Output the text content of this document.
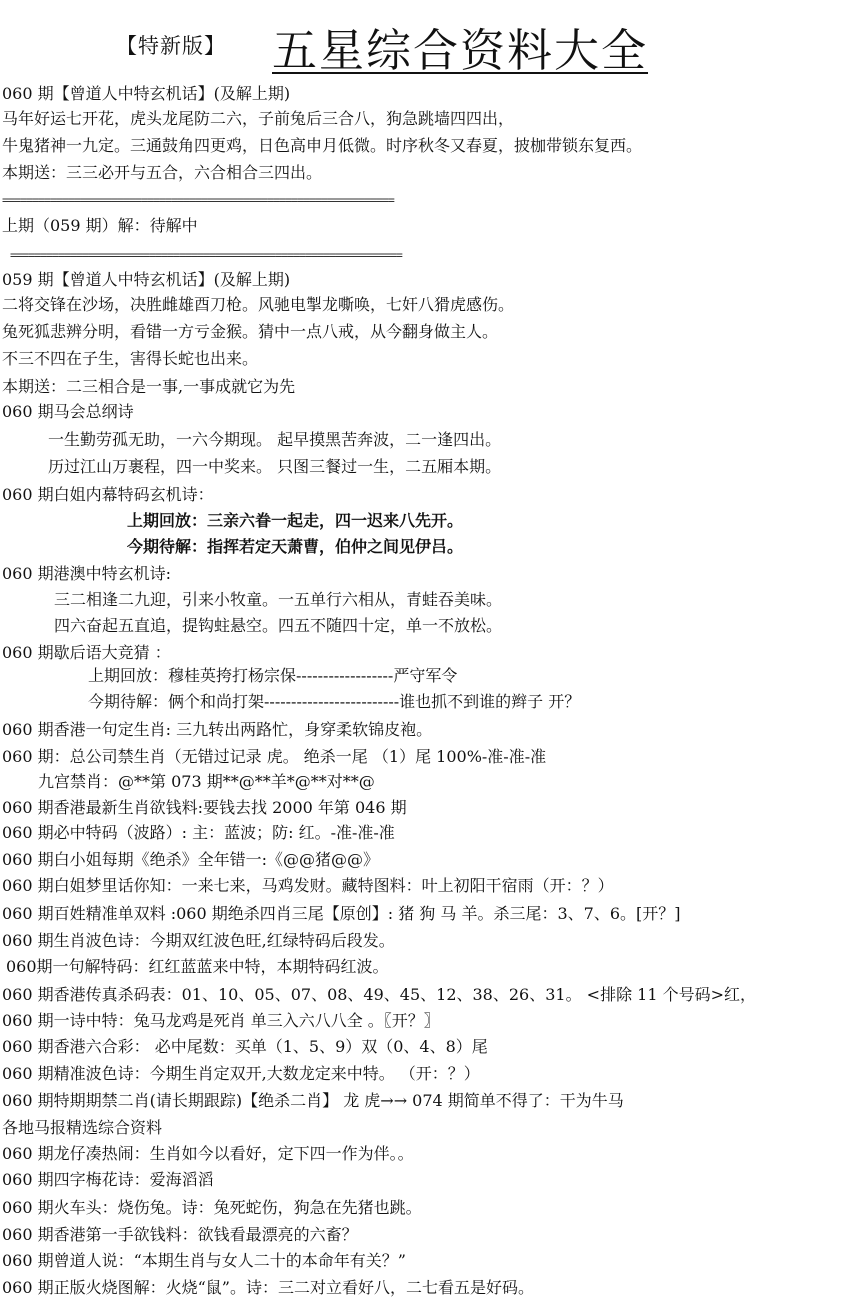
【特新版】 五星综合资料大全
060 期【曾道人中特玄机话】(及解上期)
马年好运七开花，虎头龙尾防二六，子前兔后三合八，狗急跳墙四四出，
牛鬼猪神一九定。三通鼓角四更鸡，日色高申月低微。时序秋冬又春夏，披枷带锁东复西。
本期送：三三必开与五合，六合相合三四出。
=================================================================
上期（059 期）解：待解中
=================================================================
059 期【曾道人中特玄机话】(及解上期)
二将交锋在沙场，决胜雌雄酉刀枪。风驰电掣龙嘶唤，七奸八猾虎感伤。
兔死狐悲辨分明，看错一方亏金猴。猜中一点八戒，从今翻身做主人。
不三不四在子生，害得长蛇也出来。
本期送：二三相合是一事,一事成就它为先
060 期马会总纲诗
一生勤劳孤无助，一六今期现。 起早摸黑苦奔波，二一逢四出。
历过江山万裹程，四一中奖来。 只图三餐过一生，二五厢本期。
060 期白姐内幕特码玄机诗：
上期回放：三亲六眷一起走，四一迟来八先开。
今期待解：指挥若定天萧曹，伯仲之间见伊吕。
060 期港澳中特玄机诗:
三二相逢二九迎，引来小牧童。一五单行六相从，青蛙吞美味。
四六奋起五直追，提钩蛀悬空。四五不随四十定，单一不放松。
060 期歇后语大竞猜 ：
上期回放：穆桂英挎打杨宗保------------------严守军令
今期待解：俩个和尚打架-------------------------谁也抓不到谁的辫子 开？
060 期香港一句定生肖: 三九转出两路忙，身穿柔软锦皮袍。
060 期：总公司禁生肖（无错过记录 虎。 绝杀一尾 （1）尾 100%-准-准-准
九宫禁肖：@**第 073 期**@**羊*@**对**@
060 期香港最新生肖欲钱料:要钱去找 2000 年第 046 期
060 期必中特码（波路）: 主：蓝波；防: 红。-准-准-准
060 期白小姐每期《绝杀》全年错一:《@@猪@@》
060 期白姐梦里话你知：一来七来，马鸡发财。藏特图料：叶上初阳干宿雨（开：？）
060 期百姓精准单双料 :060 期绝杀四肖三尾【原创】: 猪 狗 马 羊。杀三尾：3、7、6。[开？]
060 期生肖波色诗：今期双红波色旺,红绿特码后段发。
060期一句解特码：红红蓝蓝来中特，本期特码红波。
060 期香港传真杀码表：01、10、05、07、08、49、45、12、38、26、31。 <排除 11 个号码>红，
060 期一诗中特：兔马龙鸡是死肖 单三入六八八全 。〖开？〗
060 期香港六合彩： 必中尾数：买单（1、5、9）双（0、4、8）尾
060 期精准波色诗：今期生肖定双开,大数龙定来中特。 （开：？）
060 期特期期禁二肖(请长期跟踪)【绝杀二肖】 龙 虎→→ 074 期简单不得了：干为牛马
各地马报精选综合资料
060 期龙仔凑热闹：生肖如今以看好，定下四一作为伴。。
060 期四字梅花诗：爱海滔滔
060 期火车头：烧伤兔。诗：兔死蛇伤，狗急在先猪也跳。
060 期香港第一手欲钱料：欲钱看最漂亮的六畜？
060 期曾道人说：“本期生肖与女人二十的本命年有关？”
060 期正版火烧图解：火烧“鼠”。诗：三二对立看好八，二七看五是好码。
